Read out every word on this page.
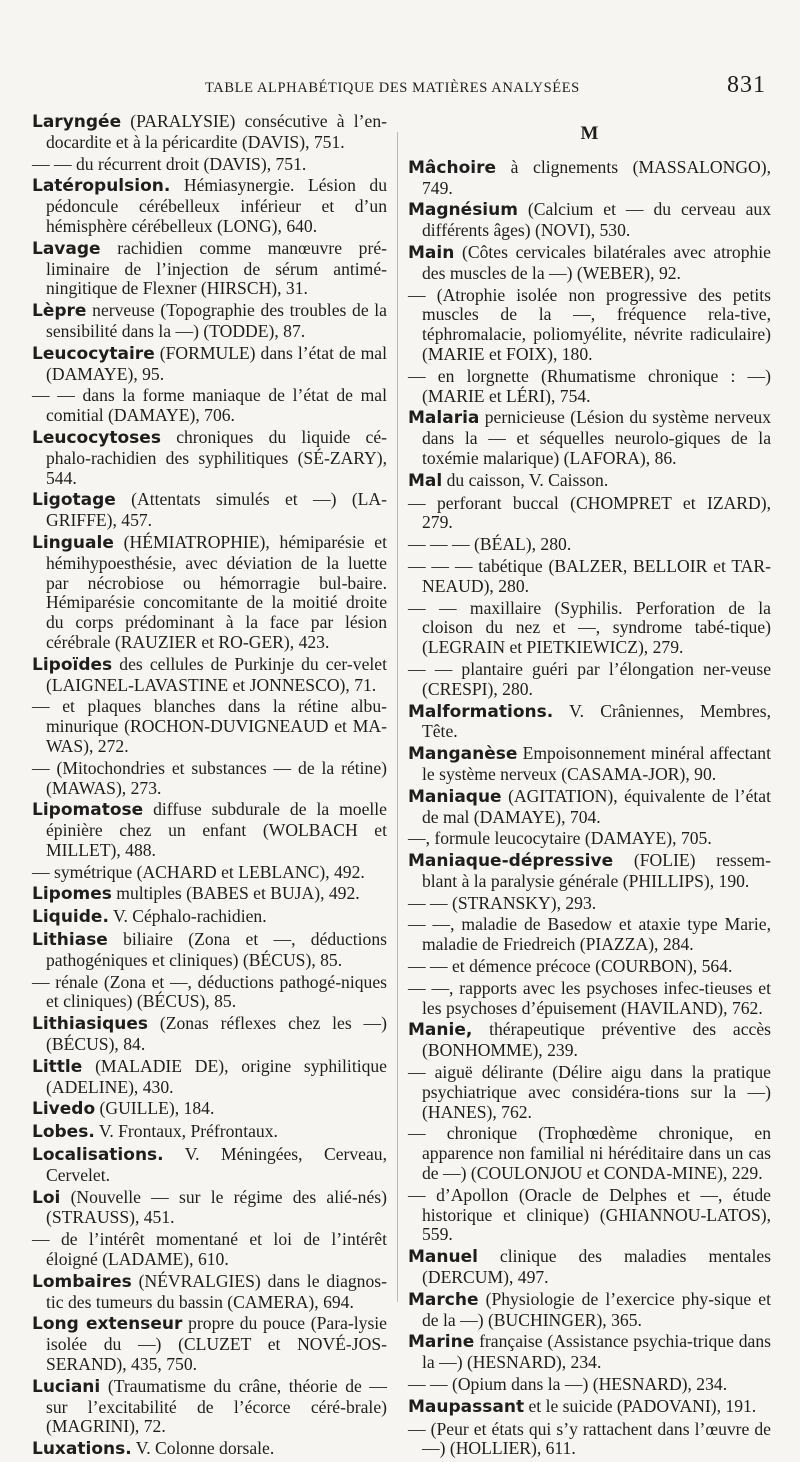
TABLE ALPHABÉTIQUE DES MATIÈRES ANALYSÉES	831
Laryngée (PARALYSIE) consécutive à l’en-docardite et à la péricardite (DAVIS), 751.
— — du récurrent droit (DAVIS), 751.
Latéropulsion. Hémiasynergie. Lésion du pédoncule cérébelleux inférieur et d’un hémisphère cérébelleux (LONG), 640.
Lavage rachidien comme manœuvre pré-liminaire de l’injection de sérum antimé-ningitique de Flexner (HIRSCH), 31.
Lèpre nerveuse (Topographie des troubles de la sensibilité dans la —) (TODDE), 87.
Leucocytaire (FORMULE) dans l’état de mal (DAMAYE), 95.
— — dans la forme maniaque de l’état de mal comitial (DAMAYE), 706.
Leucocytoses chroniques du liquide cé-phalo-rachidien des syphilitiques (SÉ-ZARY), 544.
Ligotage (Attentats simulés et —) (LA-GRIFFE), 457.
Linguale (HÉMIATROPHIE), hémiparésie et hémihypoesthésie, avec déviation de la luette par nécrobiose ou hémorragie bul-baire. Hémiparésie concomitante de la moitié droite du corps prédominant à la face par lésion cérébrale (RAUZIER et RO-GER), 423.
Lipoïdes des cellules de Purkinje du cer-velet (LAIGNEL-LAVASTINE et JONNESCO), 71.
— et plaques blanches dans la rétine albu-minurique (ROCHON-DUVIGNEAUD et MA-WAS), 272.
— (Mitochondries et substances — de la rétine) (MAWAS), 273.
Lipomatose diffuse subdurale de la moelle épinière chez un enfant (WOLBACH et MILLET), 488.
— symétrique (ACHARD et LEBLANC), 492.
Lipomes multiples (BABES et BUJA), 492.
Liquide. V. Céphalo-rachidien.
Lithiase biliaire (Zona et —, déductions pathogéniques et cliniques) (BÉCUS), 85.
— rénale (Zona et —, déductions pathogé-niques et cliniques) (BÉCUS), 85.
Lithiasiques (Zonas réflexes chez les —) (BÉCUS), 84.
Little (MALADIE DE), origine syphilitique (ADELINE), 430.
Livedo (GUILLE), 184.
Lobes. V. Frontaux, Préfrontaux.
Localisations. V. Méningées, Cerveau, Cervelet.
Loi (Nouvelle — sur le régime des alié-nés) (STRAUSS), 451.
— de l’intérêt momentané et loi de l’intérêt éloigné (LADAME), 610.
Lombaires (NÉVRALGIES) dans le diagnos-tic des tumeurs du bassin (CAMERA), 694.
Long extenseur propre du pouce (Para-lysie isolée du —) (CLUZET et NOVÉ-JOS-SERAND), 435, 750.
Luciani (Traumatisme du crâne, théorie de — sur l’excitabilité de l’écorce céré-brale) (MAGRINI), 72.
Luxations. V. Colonne dorsale.
M
Mâchoire à clignements (MASSALONGO), 749.
Magnésium (Calcium et — du cerveau aux différents âges) (NOVI), 530.
Main (Côtes cervicales bilatérales avec atrophie des muscles de la —) (WEBER), 92.
— (Atrophie isolée non progressive des petits muscles de la —, fréquence rela-tive, téphromalacie, poliomyélite, névrite radiculaire) (MARIE et FOIX), 180.
— en lorgnette (Rhumatisme chronique : —) (MARIE et LÉRI), 754.
Malaria pernicieuse (Lésion du système nerveux dans la — et séquelles neurolo-giques de la toxémie malarique) (LAFORA), 86.
Mal du caisson, V. Caisson.
— perforant buccal (CHOMPRET et IZARD), 279.
— — — (BÉAL), 280.
— — — tabétique (BALZER, BELLOIR et TAR-NEAUD), 280.
— — maxillaire (Syphilis. Perforation de la cloison du nez et —, syndrome tabé-tique) (LEGRAIN et PIETKIEWICZ), 279.
— — plantaire guéri par l’élongation ner-veuse (CRESPI), 280.
Malformations. V. Crâniennes, Membres, Tête.
Manganèse Empoisonnement minéral affectant le système nerveux (CASAMA-JOR), 90.
Maniaque (AGITATION), équivalente de l’état de mal (DAMAYE), 704.
—, formule leucocytaire (DAMAYE), 705.
Maniaque-dépressive (FOLIE) ressem-blant à la paralysie générale (PHILLIPS), 190.
— — (STRANSKY), 293.
— —, maladie de Basedow et ataxie type Marie, maladie de Friedreich (PIAZZA), 284.
— — et démence précoce (COURBON), 564.
— —, rapports avec les psychoses infec-tieuses et les psychoses d’épuisement (HAVILAND), 762.
Manie, thérapeutique préventive des accès (BONHOMME), 239.
— aiguë délirante (Délire aigu dans la pratique psychiatrique avec considéra-tions sur la —) (HANES), 762.
— chronique (Trophœdème chronique, en apparence non familial ni héréditaire dans un cas de —) (COULONJOU et CONDA-MINE), 229.
— d’Apollon (Oracle de Delphes et —, étude historique et clinique) (GHIANNOU-LATOS), 559.
Manuel clinique des maladies mentales (DERCUM), 497.
Marche (Physiologie de l’exercice phy-sique et de la —) (BUCHINGER), 365.
Marine française (Assistance psychia-trique dans la —) (HESNARD), 234.
— — (Opium dans la —) (HESNARD), 234.
Maupassant et le suicide (PADOVANI), 191.
— (Peur et états qui s’y rattachent dans l’œuvre de —) (HOLLIER), 611.
